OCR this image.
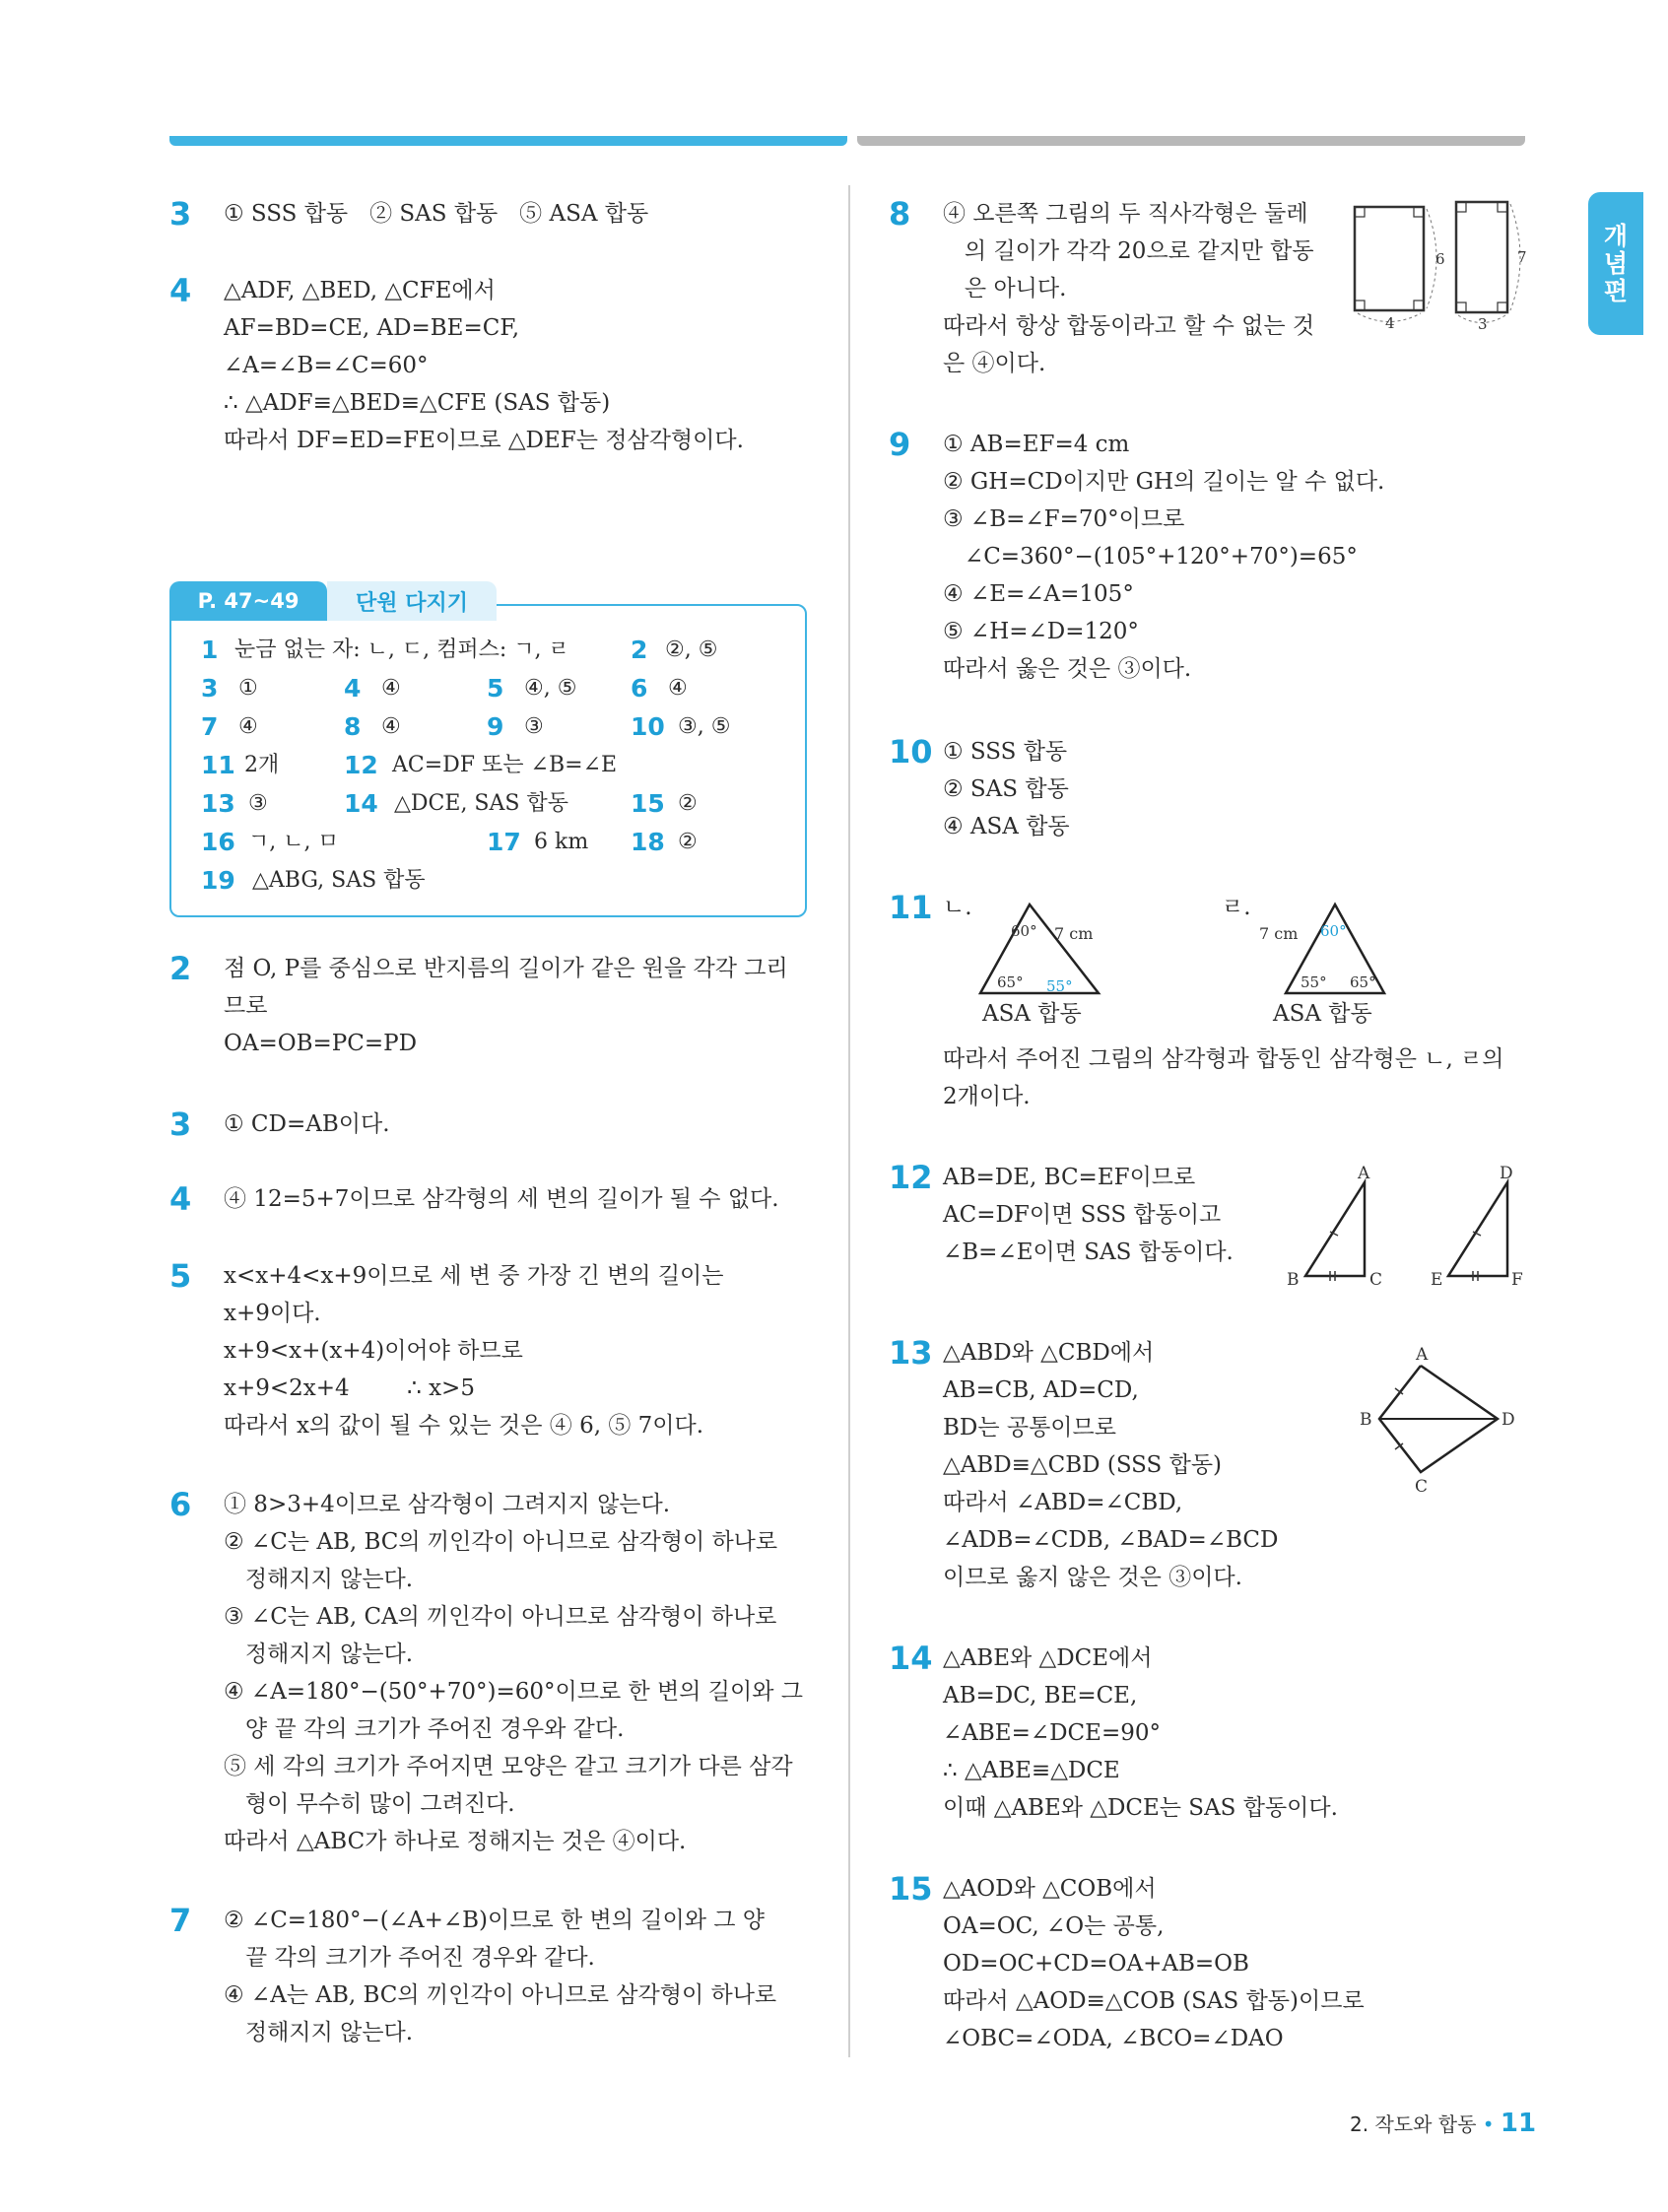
개
념
편
3 ① SSS 합동   ② SAS 합동   ⑤ ASA 합동
4 △ADF, △BED, △CFE에서
AF=BD=CE, AD=BE=CF,
∠A=∠B=∠C=60°
∴ △ADF≡△BED≡△CFE (SAS 합동)
따라서 DF=ED=FE이므로 △DEF는 정삼각형이다.
P. 47~49	단원 다지기
1 눈금 없는 자: ㄴ, ㄷ, 컴퍼스: ㄱ, ㄹ 2 ②, ⑤
3 ①	4 ④	5 ④, ⑤ 6 ④
7 ④	8 ④	9 ③	10 ③, ⑤
11 2개	12 AC=DF 또는 ∠B=∠E
13 ③	14 △DCE, SAS 합동	15 ②
16 ㄱ, ㄴ, ㅁ	17 6 km 18 ②
19 △ABG, SAS 합동
2 점 O, P를 중심으로 반지름의 길이가 같은 원을 각각 그리
므로
OA=OB=PC=PD
3 ① CD=AB이다.
4 ④ 12=5+7이므로 삼각형의 세 변의 길이가 될 수 없다.
5 x<x+4<x+9이므로 세 변 중 가장 긴 변의 길이는
x+9이다.
x+9<x+(x+4)이어야 하므로
x+9<2x+4        ∴ x>5
따라서 x의 값이 될 수 있는 것은 ④ 6, ⑤ 7이다.
6 ① 8>3+4이므로 삼각형이 그려지지 않는다.
② ∠C는 AB, BC의 끼인각이 아니므로 삼각형이 하나로
정해지지 않는다.
③ ∠C는 AB, CA의 끼인각이 아니므로 삼각형이 하나로
정해지지 않는다.
④ ∠A=180°−(50°+70°)=60°이므로 한 변의 길이와 그
양 끝 각의 크기가 주어진 경우와 같다.
⑤ 세 각의 크기가 주어지면 모양은 같고 크기가 다른 삼각
형이 무수히 많이 그려진다.
따라서 △ABC가 하나로 정해지는 것은 ④이다.
7 ② ∠C=180°−(∠A+∠B)이므로 한 변의 길이와 그 양
끝 각의 크기가 주어진 경우와 같다.
④ ∠A는 AB, BC의 끼인각이 아니므로 삼각형이 하나로
정해지지 않는다.
8 ④ 오른쪽 그림의 두 직사각형은 둘레
의 길이가 각각 20으로 같지만 합동
은 아니다.
따라서 항상 합동이라고 할 수 없는 것
은 ④이다.
6
4
7
3
9 ① AB=EF=4 cm
② GH=CD이지만 GH의 길이는 알 수 없다.
③ ∠B=∠F=70°이므로
∠C=360°−(105°+120°+70°)=65°
④ ∠E=∠A=105°
⑤ ∠H=∠D=120°
따라서 옳은 것은 ③이다.
10 ① SSS 합동
② SAS 합동
④ ASA 합동
11 ㄴ.
60° 7 cm
65° 55°
ASA 합동
ㄹ.
7 cm 60°
55° 65°
ASA 합동
따라서 주어진 그림의 삼각형과 합동인 삼각형은 ㄴ, ㄹ의
2개이다.
12 AB=DE, BC=EF이므로
AC=DF이면 SSS 합동이고
∠B=∠E이면 SAS 합동이다.
A
B	C
D
E	F
13 △ABD와 △CBD에서
AB=CB, AD=CD,
BD는 공통이므로
△ABD≡△CBD (SSS 합동)
따라서 ∠ABD=∠CBD,
∠ADB=∠CDB, ∠BAD=∠BCD
이므로 옳지 않은 것은 ③이다.
A
B
C
D
14 △ABE와 △DCE에서
AB=DC, BE=CE,
∠ABE=∠DCE=90°
∴ △ABE≡△DCE
이때 △ABE와 △DCE는 SAS 합동이다.
15 △AOD와 △COB에서
OA=OC, ∠O는 공통,
OD=OC+CD=OA+AB=OB
따라서 △AOD≡△COB (SAS 합동)이므로
∠OBC=∠ODA, ∠BCO=∠DAO
2. 작도와 합동 • 11
